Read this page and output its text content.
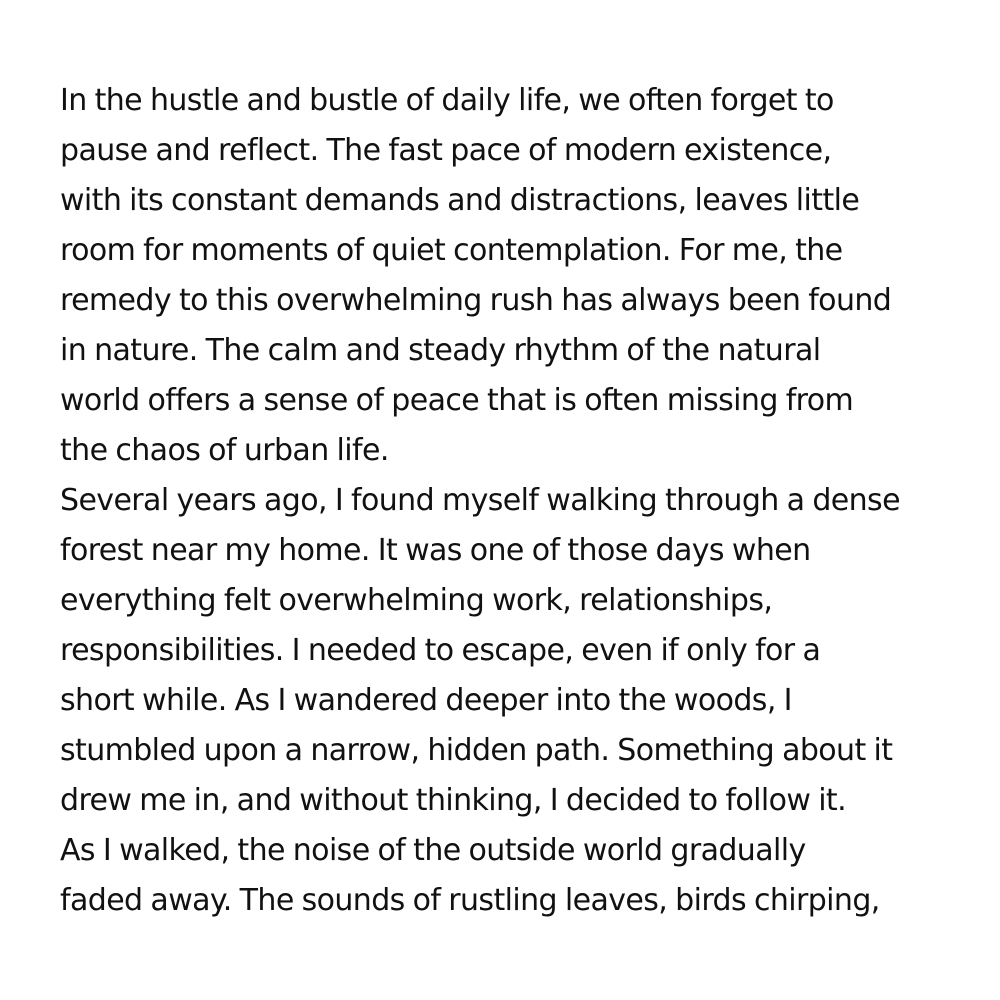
In the hustle and bustle of daily life, we often forget to
pause and reflect. The fast pace of modern existence,
with its constant demands and distractions, leaves little
room for moments of quiet contemplation. For me, the
remedy to this overwhelming rush has always been found
in nature. The calm and steady rhythm of the natural
world offers a sense of peace that is often missing from
the chaos of urban life.
Several years ago, I found myself walking through a dense
forest near my home. It was one of those days when
everything felt overwhelming work, relationships,
responsibilities. I needed to escape, even if only for a
short while. As I wandered deeper into the woods, I
stumbled upon a narrow, hidden path. Something about it
drew me in, and without thinking, I decided to follow it.
As I walked, the noise of the outside world gradually
faded away. The sounds of rustling leaves, birds chirping,
